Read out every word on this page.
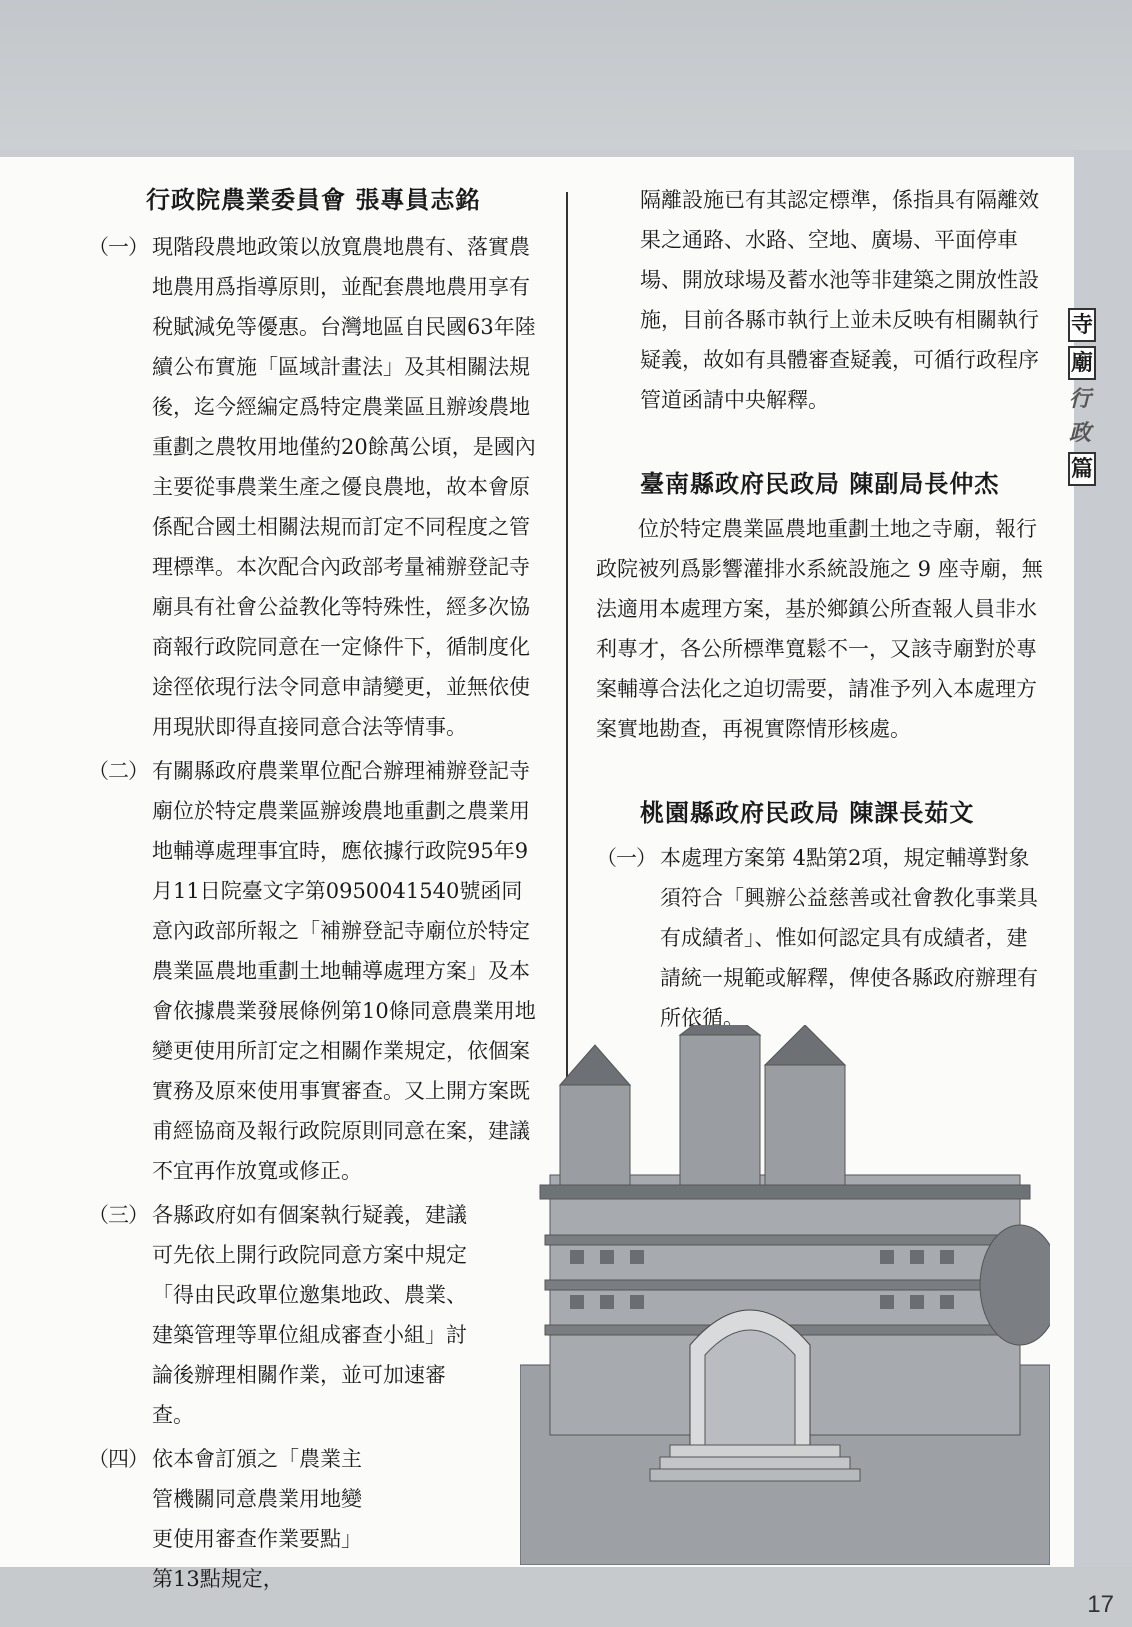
行政院農業委員會 張專員志銘

（一） 現階段農地政策以放寬農地農有、落實農地農用爲指導原則，並配套農地農用享有稅賦減免等優惠。台灣地區自民國63年陸續公布實施「區域計畫法」及其相關法規後，迄今經編定爲特定農業區且辦竣農地重劃之農牧用地僅約20餘萬公頃，是國內主要從事農業生產之優良農地，故本會原係配合國土相關法規而訂定不同程度之管理標準。本次配合內政部考量補辦登記寺廟具有社會公益教化等特殊性，經多次協商報行政院同意在一定條件下，循制度化途徑依現行法令同意申請變更，並無依使用現狀即得直接同意合法等情事。
（二） 有關縣政府農業單位配合辦理補辦登記寺廟位於特定農業區辦竣農地重劃之農業用地輔導處理事宜時，應依據行政院95年9月11日院臺文字第0950041540號函同意內政部所報之「補辦登記寺廟位於特定農業區農地重劃土地輔導處理方案」及本會依據農業發展條例第10條同意農業用地變更使用所訂定之相關作業規定，依個案實務及原來使用事實審查。又上開方案既甫經協商及報行政院原則同意在案，建議不宜再作放寬或修正。
（三） 各縣政府如有個案執行疑義，建議可先依上開行政院同意方案中規定「得由民政單位邀集地政、農業、建築管理等單位組成審查小組」討論後辦理相關作業，並可加速審查。
（四） 依本會訂頒之「農業主管機關同意農業用地變更使用審查作業要點」第13點規定，

隔離設施已有其認定標準，係指具有隔離效果之通路、水路、空地、廣場、平面停車場、開放球場及蓄水池等非建築之開放性設施，目前各縣市執行上並未反映有相關執行疑義，故如有具體審查疑義，可循行政程序管道函請中央解釋。

臺南縣政府民政局 陳副局長仲杰

位於特定農業區農地重劃土地之寺廟，報行政院被列爲影響灌排水系統設施之 9 座寺廟，無法適用本處理方案，基於鄉鎮公所查報人員非水利專才，各公所標準寬鬆不一，又該寺廟對於專案輔導合法化之迫切需要，請准予列入本處理方案實地勘查，再視實際情形核處。

桃園縣政府民政局 陳課長茹文

（一） 本處理方案第 4點第2項，規定輔導對象須符合「興辦公益慈善或社會教化事業具有成績者」、惟如何認定具有成績者，建請統一規範或解釋，俾使各縣政府辦理有所依循。
寺
廟
行
政
篇
17
